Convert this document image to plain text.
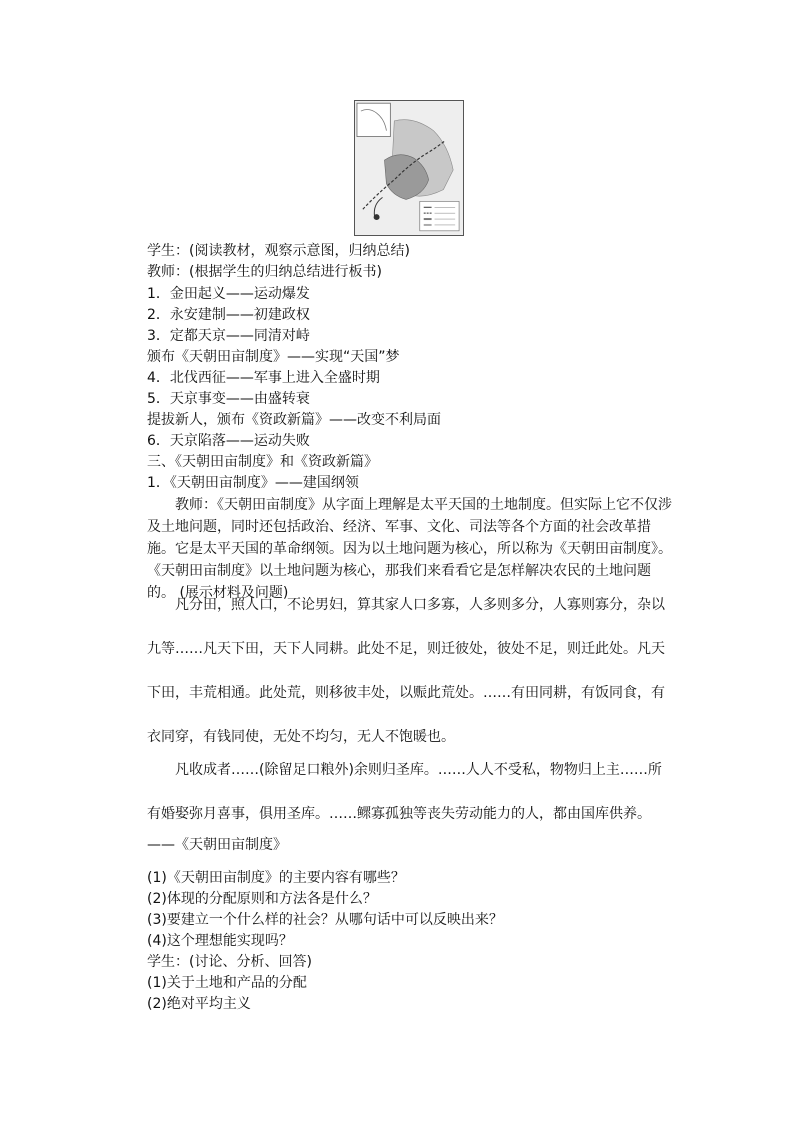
学生：(阅读教材，观察示意图，归纳总结)
教师：(根据学生的归纳总结进行板书)
1．金田起义——运动爆发
2．永安建制——初建政权
3．定都天京——同清对峙
颁布《天朝田亩制度》——实现“天国”梦
4．北伐西征——军事上进入全盛时期
5．天京事变——由盛转衰
提拔新人，颁布《资政新篇》——改变不利局面
6．天京陷落——运动失败
三、《天朝田亩制度》和《资政新篇》
1．《天朝田亩制度》——建国纲领
教师：《天朝田亩制度》从字面上理解是太平天国的土地制度。但实际上它不仅涉及土地问题，同时还包括政治、经济、军事、文化、司法等各个方面的社会改革措施。它是太平天国的革命纲领。因为以土地问题为核心，所以称为《天朝田亩制度》。《天朝田亩制度》以土地问题为核心，那我们来看看它是怎样解决农民的土地问题的。 (展示材料及问题)
凡分田，照人口，不论男妇，算其家人口多寡，人多则多分，人寡则寡分，杂以九等……凡天下田，天下人同耕。此处不足，则迁彼处，彼处不足，则迁此处。凡天下田，丰荒相通。此处荒，则移彼丰处，以赈此荒处。……有田同耕，有饭同食，有衣同穿，有钱同使，无处不均匀，无人不饱暖也。
凡收成者……(除留足口粮外)余则归圣库。……人人不受私，物物归上主……所有婚娶弥月喜事，俱用圣库。……鳏寡孤独等丧失劳动能力的人，都由国库供养。
——《天朝田亩制度》
(1)《天朝田亩制度》的主要内容有哪些？
(2)体现的分配原则和方法各是什么？
(3)要建立一个什么样的社会？从哪句话中可以反映出来？
(4)这个理想能实现吗？
学生：(讨论、分析、回答)
(1)关于土地和产品的分配
(2)绝对平均主义
